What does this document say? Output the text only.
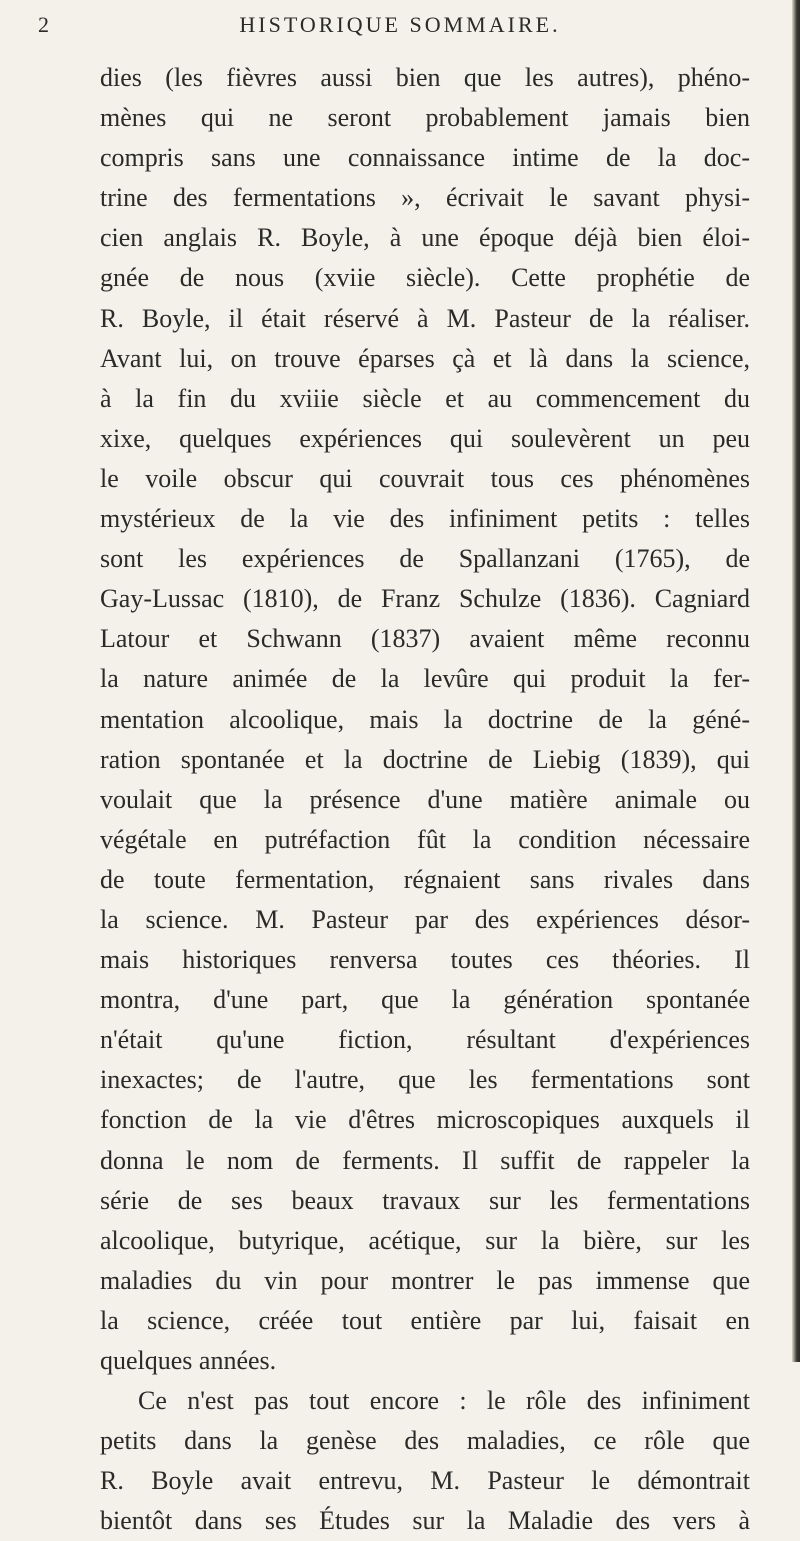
2	HISTORIQUE SOMMAIRE.
dies (les fièvres aussi bien que les autres), phéno-
mènes qui ne seront probablement jamais bien
compris sans une connaissance intime de la doc-
trine des fermentations », écrivait le savant physi-
cien anglais R. Boyle, à une époque déjà bien éloi-
gnée de nous (xviie siècle). Cette prophétie de
R. Boyle, il était réservé à M. Pasteur de la réaliser.
Avant lui, on trouve éparses çà et là dans la science,
à la fin du xviiie siècle et au commencement du
xixe, quelques expériences qui soulevèrent un peu
le voile obscur qui couvrait tous ces phénomènes
mystérieux de la vie des infiniment petits : telles
sont les expériences de Spallanzani (1765), de
Gay-Lussac (1810), de Franz Schulze (1836). Cagniard
Latour et Schwann (1837) avaient même reconnu
la nature animée de la levûre qui produit la fer-
mentation alcoolique, mais la doctrine de la géné-
ration spontanée et la doctrine de Liebig (1839), qui
voulait que la présence d'une matière animale ou
végétale en putréfaction fût la condition nécessaire
de toute fermentation, régnaient sans rivales dans
la science. M. Pasteur par des expériences désor-
mais historiques renversa toutes ces théories. Il
montra, d'une part, que la génération spontanée
n'était qu'une fiction, résultant d'expériences
inexactes; de l'autre, que les fermentations sont
fonction de la vie d'êtres microscopiques auxquels il
donna le nom de ferments. Il suffit de rappeler la
série de ses beaux travaux sur les fermentations
alcoolique, butyrique, acétique, sur la bière, sur les
maladies du vin pour montrer le pas immense que
la science, créée tout entière par lui, faisait en
quelques années.
Ce n'est pas tout encore : le rôle des infiniment
petits dans la genèse des maladies, ce rôle que
R. Boyle avait entrevu, M. Pasteur le démontrait
bientôt dans ses Études sur la Maladie des vers à
